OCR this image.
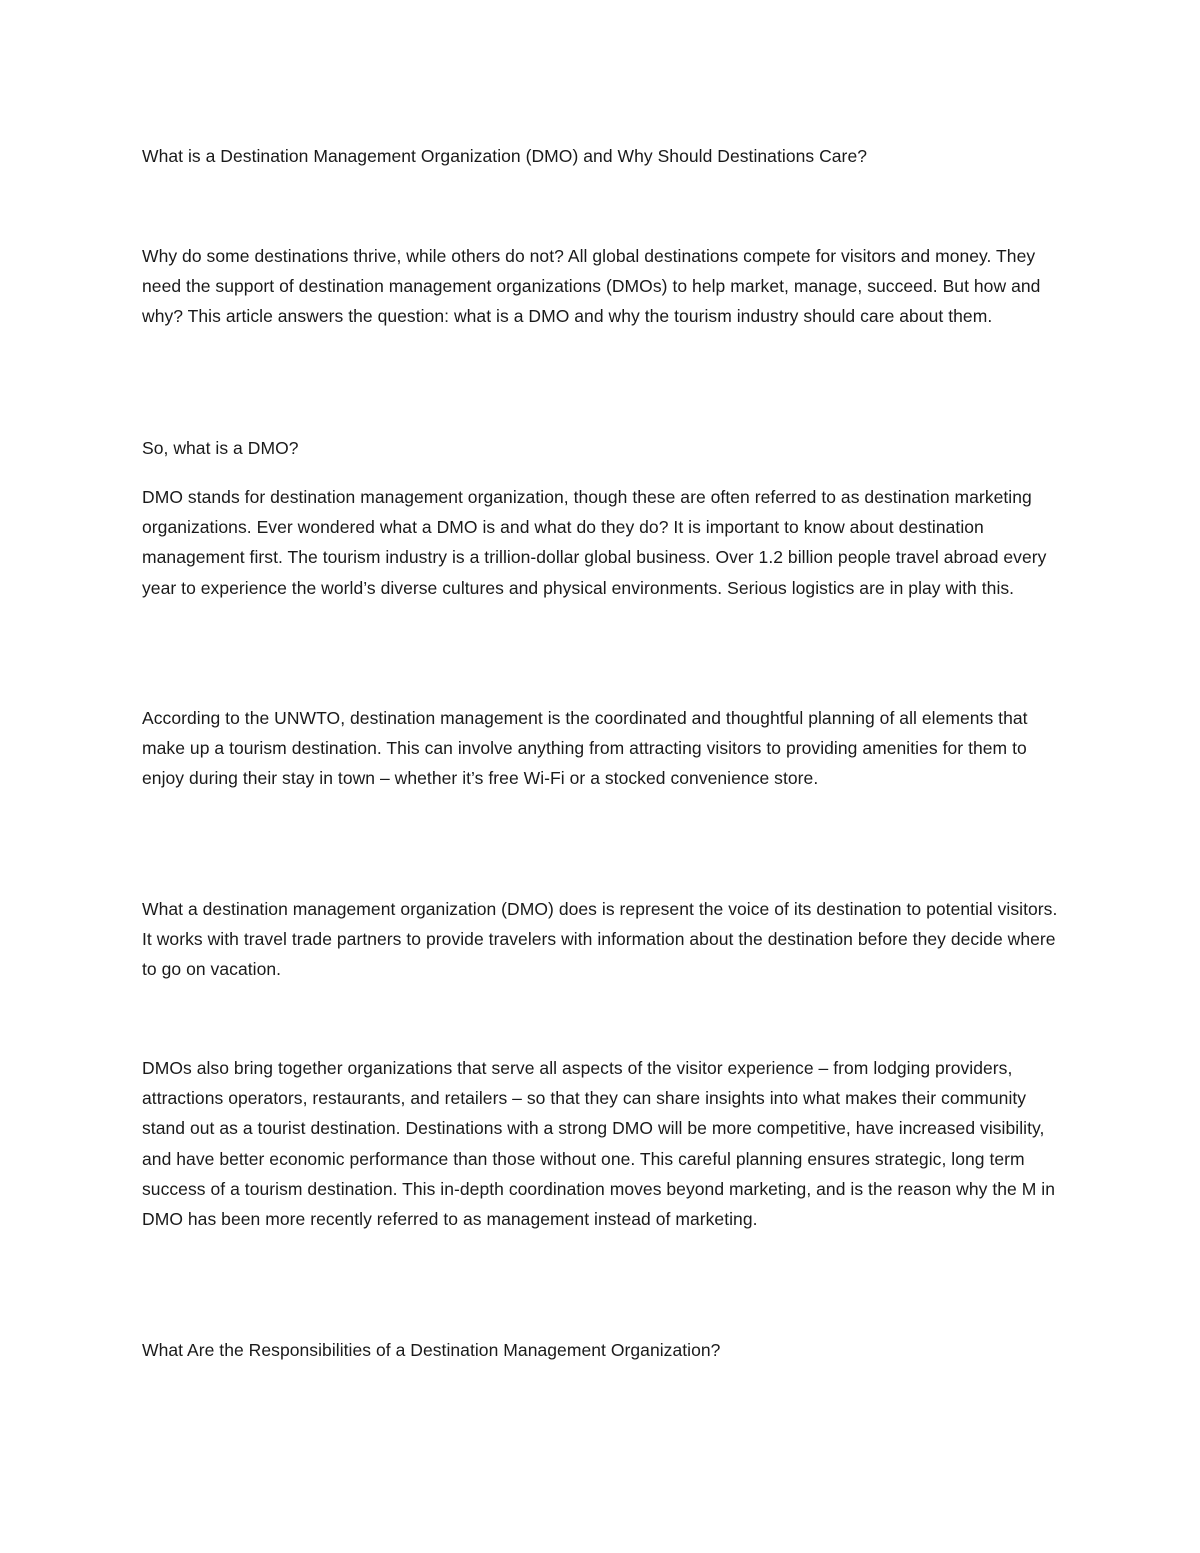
What is a Destination Management Organization (DMO) and Why Should Destinations Care?

Why do some destinations thrive, while others do not? All global destinations compete for visitors and money. They need the support of destination management organizations (DMOs) to help market, manage, succeed. But how and why? This article answers the question: what is a DMO and why the tourism industry should care about them.

So, what is a DMO?

DMO stands for destination management organization, though these are often referred to as destination marketing organizations. Ever wondered what a DMO is and what do they do? It is important to know about destination management first. The tourism industry is a trillion-dollar global business. Over 1.2 billion people travel abroad every year to experience the world’s diverse cultures and physical environments. Serious logistics are in play with this.

According to the UNWTO, destination management is the coordinated and thoughtful planning of all elements that make up a tourism destination. This can involve anything from attracting visitors to providing amenities for them to enjoy during their stay in town – whether it’s free Wi-Fi or a stocked convenience store.

What a destination management organization (DMO) does is represent the voice of its destination to potential visitors. It works with travel trade partners to provide travelers with information about the destination before they decide where to go on vacation.

DMOs also bring together organizations that serve all aspects of the visitor experience – from lodging providers, attractions operators, restaurants, and retailers – so that they can share insights into what makes their community stand out as a tourist destination. Destinations with a strong DMO will be more competitive, have increased visibility, and have better economic performance than those without one. This careful planning ensures strategic, long term success of a tourism destination. This in-depth coordination moves beyond marketing, and is the reason why the M in DMO has been more recently referred to as management instead of marketing.

What Are the Responsibilities of a Destination Management Organization?
